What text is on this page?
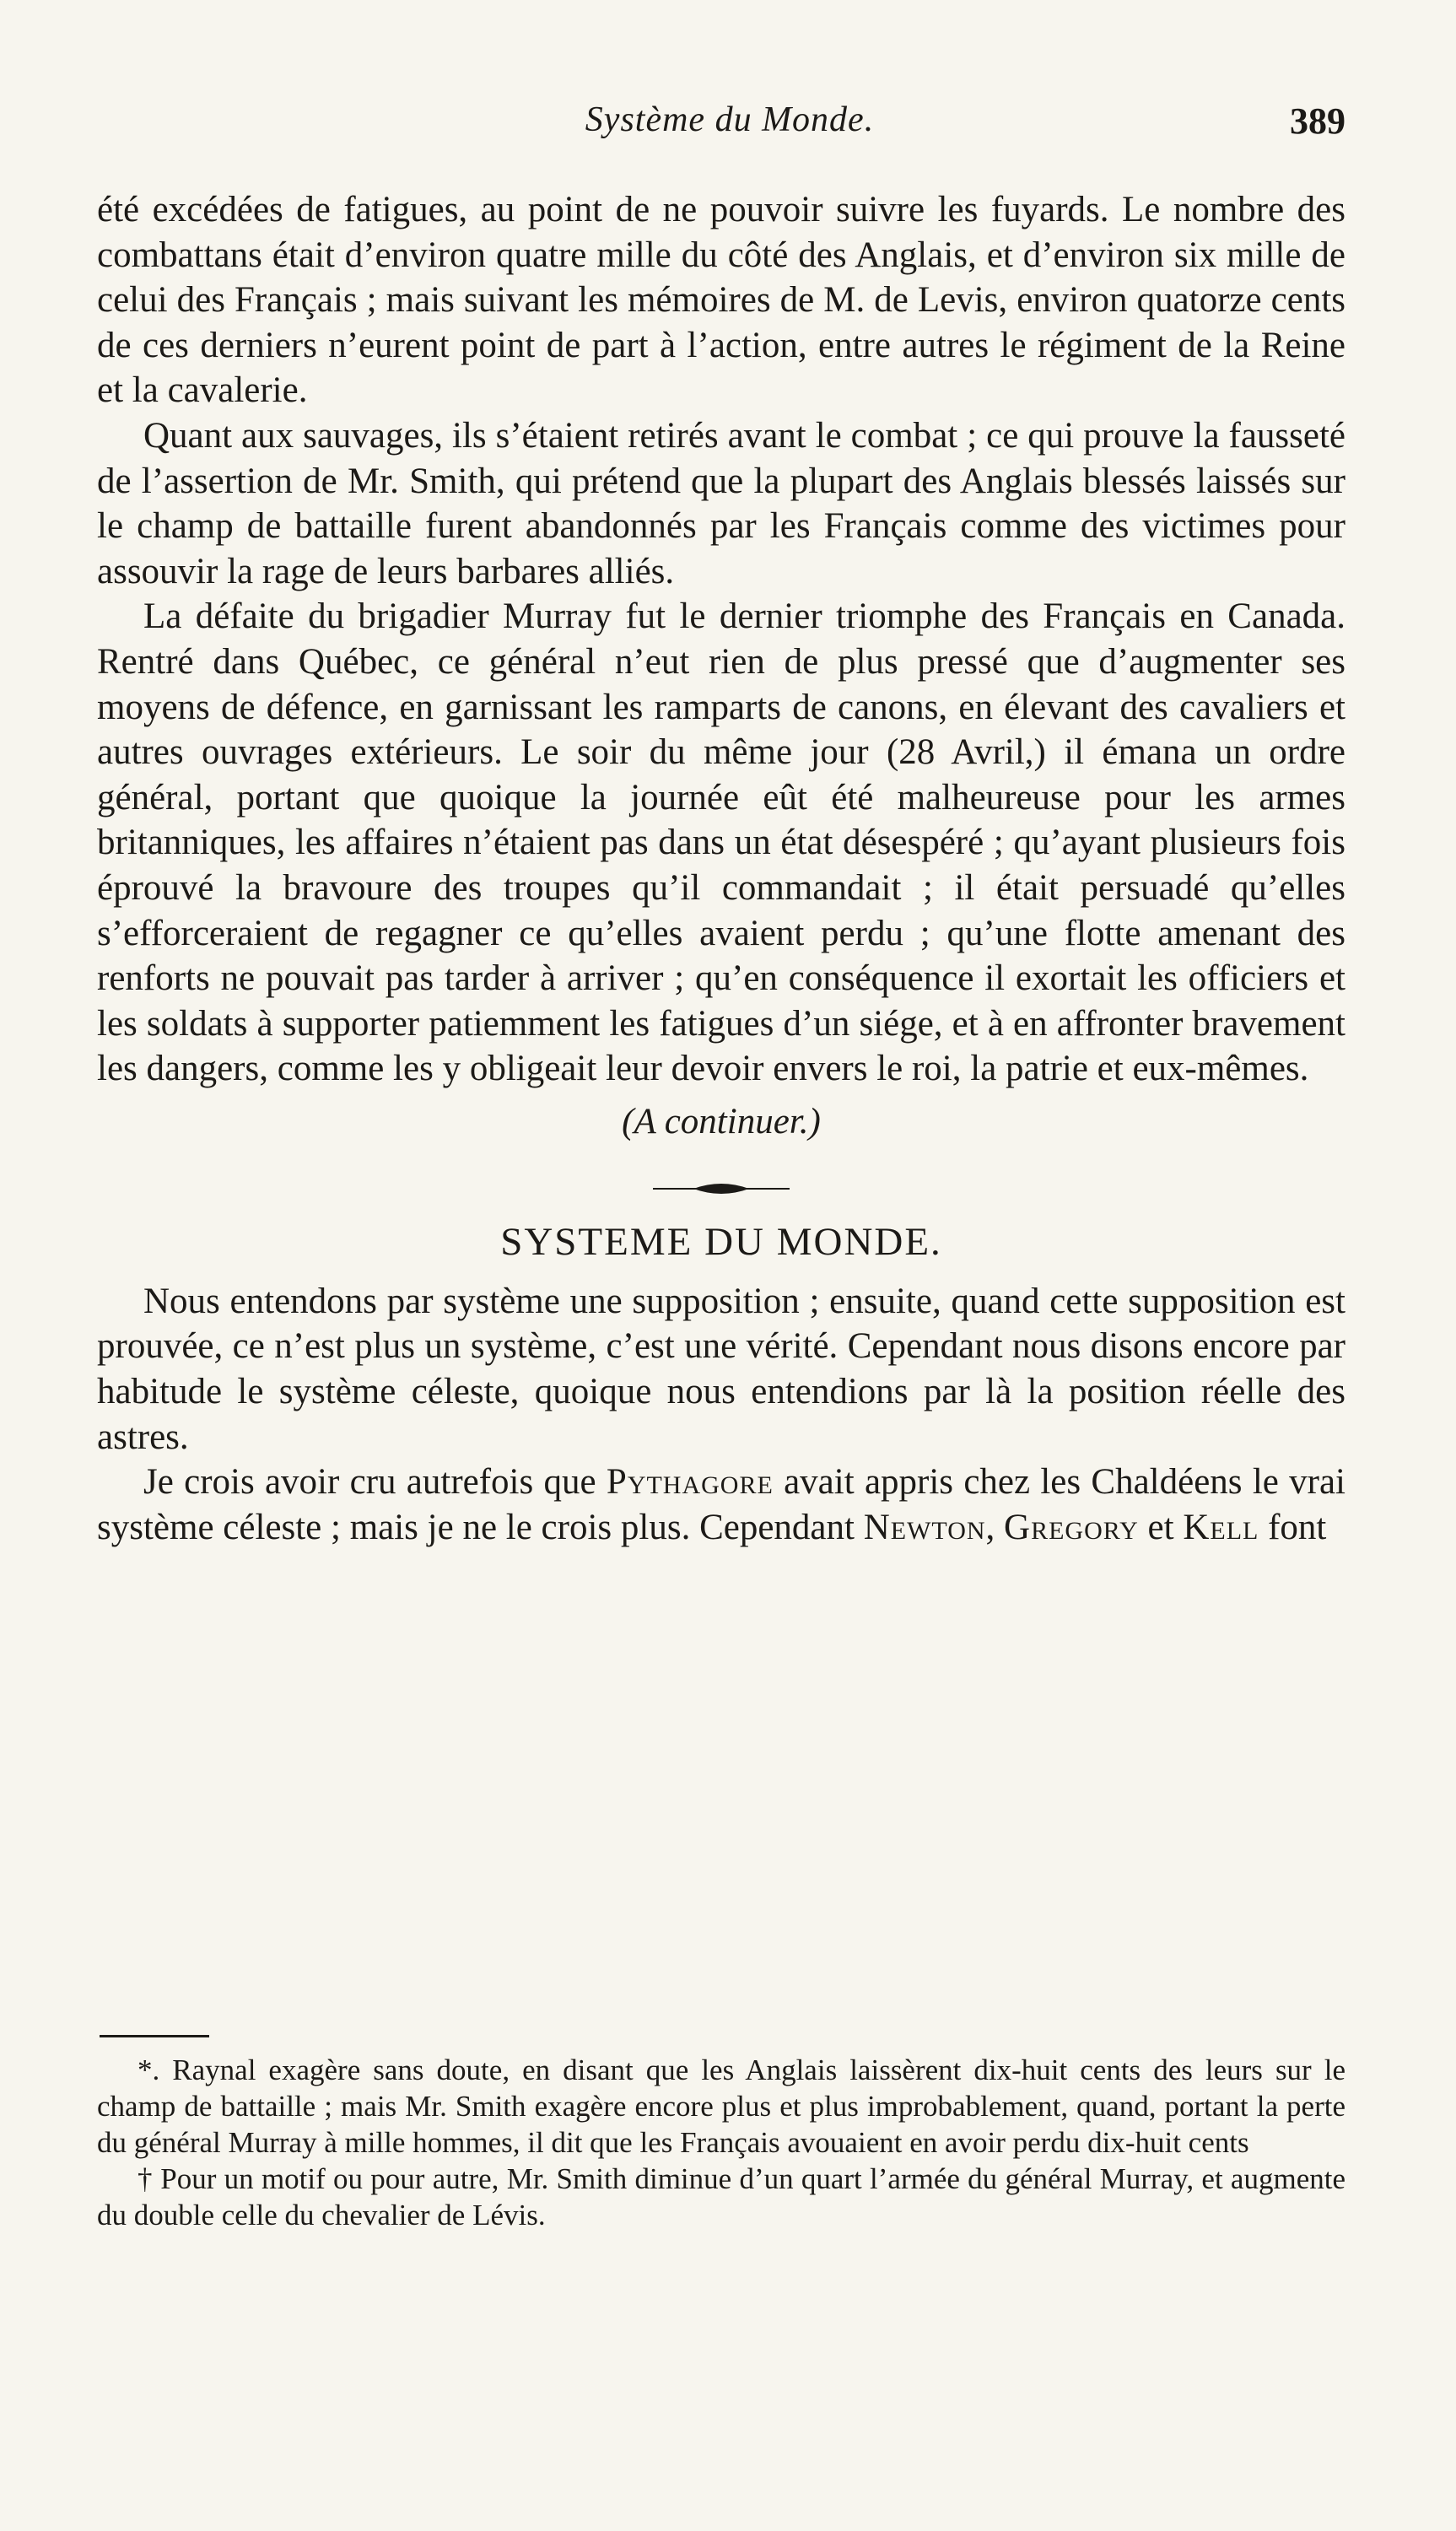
Système du Monde.	389

été excédées de fatigues, au point de ne pouvoir suivre les fuyards. Le nombre des combattans était d’environ quatre mille du côté des Anglais, et d’environ six mille de celui des Français ; mais suivant les mémoires de M. de Levis, environ quatorze cents de ces derniers n’eurent point de part à l’action, entre autres le régiment de la Reine et la cavalerie.

Quant aux sauvages, ils s’étaient retirés avant le combat ; ce qui prouve la fausseté de l’assertion de Mr. Smith, qui prétend que la plupart des Anglais blessés laissés sur le champ de battaille furent abandonnés par les Français comme des victimes pour assouvir la rage de leurs barbares alliés.

La défaite du brigadier Murray fut le dernier triomphe des Français en Canada. Rentré dans Québec, ce général n’eut rien de plus pressé que d’augmenter ses moyens de défence, en garnissant les ramparts de canons, en élevant des cavaliers et autres ouvrages extérieurs. Le soir du même jour (28 Avril,) il émana un ordre général, portant que quoique la journée eût été malheureuse pour les armes britanniques, les affaires n’étaient pas dans un état désespéré ; qu’ayant plusieurs fois éprouvé la bravoure des troupes qu’il commandait ; il était persuadé qu’elles s’efforceraient de regagner ce qu’elles avaient perdu ; qu’une flotte amenant des renforts ne pouvait pas tarder à arriver ; qu’en conséquence il exortait les officiers et les soldats à supporter patiemment les fatigues d’un siége, et à en affronter bravement les dangers, comme les y obligeait leur devoir envers le roi, la patrie et eux-mêmes.

(A continuer.)
SYSTEME DU MONDE.

Nous entendons par système une supposition ; ensuite, quand cette supposition est prouvée, ce n’est plus un système, c’est une vérité. Cependant nous disons encore par habitude le système céleste, quoique nous entendions par là la position réelle des astres.

Je crois avoir cru autrefois que Pythagore avait appris chez les Chaldéens le vrai système céleste ; mais je ne le crois plus. Cependant Newton, Gregory et Kell font

*. Raynal exagère sans doute, en disant que les Anglais laissèrent dix-huit cents des leurs sur le champ de battaille ; mais Mr. Smith exagère encore plus et plus improbablement, quand, portant la perte du général Murray à mille hommes, il dit que les Français avouaient en avoir perdu dix-huit cents

† Pour un motif ou pour autre, Mr. Smith diminue d’un quart l’armée du général Murray, et augmente du double celle du chevalier de Lévis.
